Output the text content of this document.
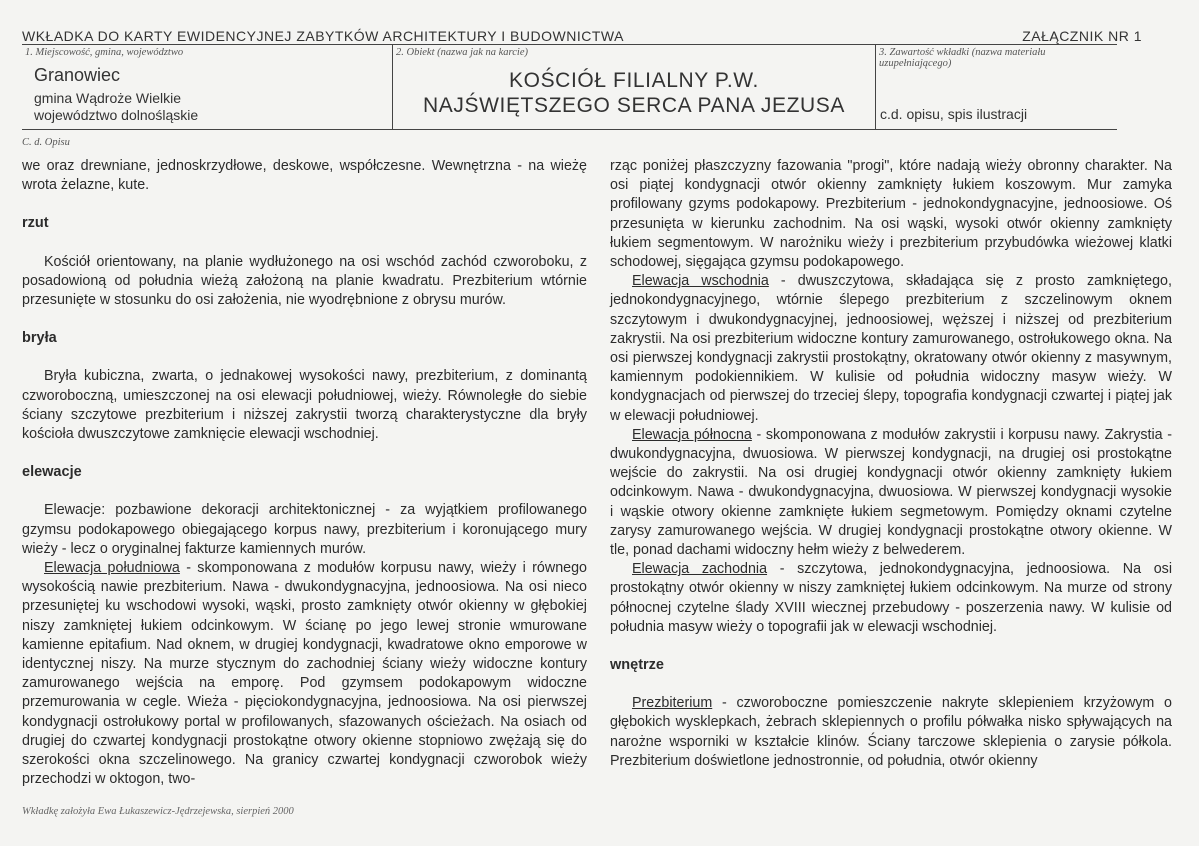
WKŁADKA DO KARTY EWIDENCYJNEJ ZABYTKÓW ARCHITEKTURY I BUDOWNICTWA	ZAŁĄCZNIK NR 1
1. Miejscowość, gmina, województwo
Granowiec
gmina Wądroże Wielkie
województwo dolnośląskie
2. Obiekt (nazwa jak na karcie)
KOŚCIÓŁ FILIALNY P.W.
NAJŚWIĘTSZEGO SERCA PANA JEZUSA
3. Zawartość wkładki (nazwa materiału uzupełniającego)
c.d. opisu, spis ilustracji
C. d. Opisu

we oraz drewniane, jednoskrzydłowe, deskowe, współczesne. Wewnętrzna - na wieżę wrota żelazne, kute.

rzut

Kościół orientowany, na planie wydłużonego na osi wschód zachód czworoboku, z posadowioną od południa wieżą założoną na planie kwadratu. Prezbiterium wtórnie przesunięte w stosunku do osi założenia, nie wyodrębnione z obrysu murów.

bryła

Bryła kubiczna, zwarta, o jednakowej wysokości nawy, prezbiterium, z dominantą czworoboczną, umieszczonej na osi elewacji południowej, wieży. Równoległe do siebie ściany szczytowe prezbiterium i niższej zakrystii tworzą charakterystyczne dla bryły kościoła dwuszczytowe zamknięcie elewacji wschodniej.

elewacje

Elewacje: pozbawione dekoracji architektonicznej - za wyjątkiem profilowanego gzymsu podokapowego obiegającego korpus nawy, prezbiterium i koronującego mury wieży - lecz o oryginalnej fakturze kamiennych murów.

Elewacja południowa - skomponowana z modułów korpusu nawy, wieży i równego wysokością nawie prezbiterium. Nawa - dwukondygnacyjna, jednoosiowa. Na osi nieco przesuniętej ku wschodowi wysoki, wąski, prosto zamknięty otwór okienny w głębokiej niszy zamkniętej łukiem odcinkowym. W ścianę po jego lewej stronie wmurowane kamienne epitafium. Nad oknem, w drugiej kondygnacji, kwadratowe okno emporowe w identycznej niszy. Na murze stycznym do zachodniej ściany wieży widoczne kontury zamurowanego wejścia na emporę. Pod gzymsem podokapowym widoczne przemurowania w cegle. Wieża - pięciokondygnacyjna, jednoosiowa. Na osi pierwszej kondygnacji ostrołukowy portal w profilowanych, sfazowanych ościeżach. Na osiach od drugiej do czwartej kondygnacji prostokątne otwory okienne stopniowo zwężają się do szerokości okna szczelinowego. Na granicy czwartej kondygnacji czworobok wieży przechodzi w oktogon, two-

rząc poniżej płaszczyzny fazowania "progi", które nadają wieży obronny charakter. Na osi piątej kondygnacji otwór okienny zamknięty łukiem koszowym. Mur zamyka profilowany gzyms podokapowy. Prezbiterium - jednokondygnacyjne, jednoosiowe. Oś przesunięta w kierunku zachodnim. Na osi wąski, wysoki otwór okienny zamknięty łukiem segmentowym. W narożniku wieży i prezbiterium przybudówka wieżowej klatki schodowej, sięgająca gzymsu podokapowego.

Elewacja wschodnia - dwuszczytowa, składająca się z prosto zamkniętego, jednokondygnacyjnego, wtórnie ślepego prezbiterium z szczelinowym oknem szczytowym i dwukondygnacyjnej, jednoosiowej, węższej i niższej od prezbiterium zakrystii. Na osi prezbiterium widoczne kontury zamurowanego, ostrołukowego okna. Na osi pierwszej kondygnacji zakrystii prostokątny, okratowany otwór okienny z masywnym, kamiennym podokiennikiem. W kulisie od południa widoczny masyw wieży. W kondygnacjach od pierwszej do trzeciej ślepy, topografia kondygnacji czwartej i piątej jak w elewacji południowej.

Elewacja północna - skomponowana z modułów zakrystii i korpusu nawy. Zakrystia - dwukondygnacyjna, dwuosiowa. W pierwszej kondygnacji, na drugiej osi prostokątne wejście do zakrystii. Na osi drugiej kondygnacji otwór okienny zamknięty łukiem odcinkowym. Nawa - dwukondygnacyjna, dwuosiowa. W pierwszej kondygnacji wysokie i wąskie otwory okienne zamknięte łukiem segmetowym. Pomiędzy oknami czytelne zarysy zamurowanego wejścia. W drugiej kondygnacji prostokątne otwory okienne. W tle, ponad dachami widoczny hełm wieży z belwederem.

Elewacja zachodnia - szczytowa, jednokondygnacyjna, jednoosiowa. Na osi prostokątny otwór okienny w niszy zamkniętej łukiem odcinkowym. Na murze od strony północnej czytelne ślady XVIII wiecznej przebudowy - poszerzenia nawy. W kulisie od południa masyw wieży o topografii jak w elewacji wschodniej.

wnętrze

Prezbiterium - czworoboczne pomieszczenie nakryte sklepieniem krzyżowym o głębokich wysklepkach, żebrach sklepiennych o profilu półwałka nisko spływających na narożne wsporniki w kształcie klinów. Ściany tarczowe sklepienia o zarysie półkola. Prezbiterium doświetlone jednostronnie, od południa, otwór okienny

Wkładkę założyła Ewa Łukaszewicz-Jędrzejewska, sierpień 2000
